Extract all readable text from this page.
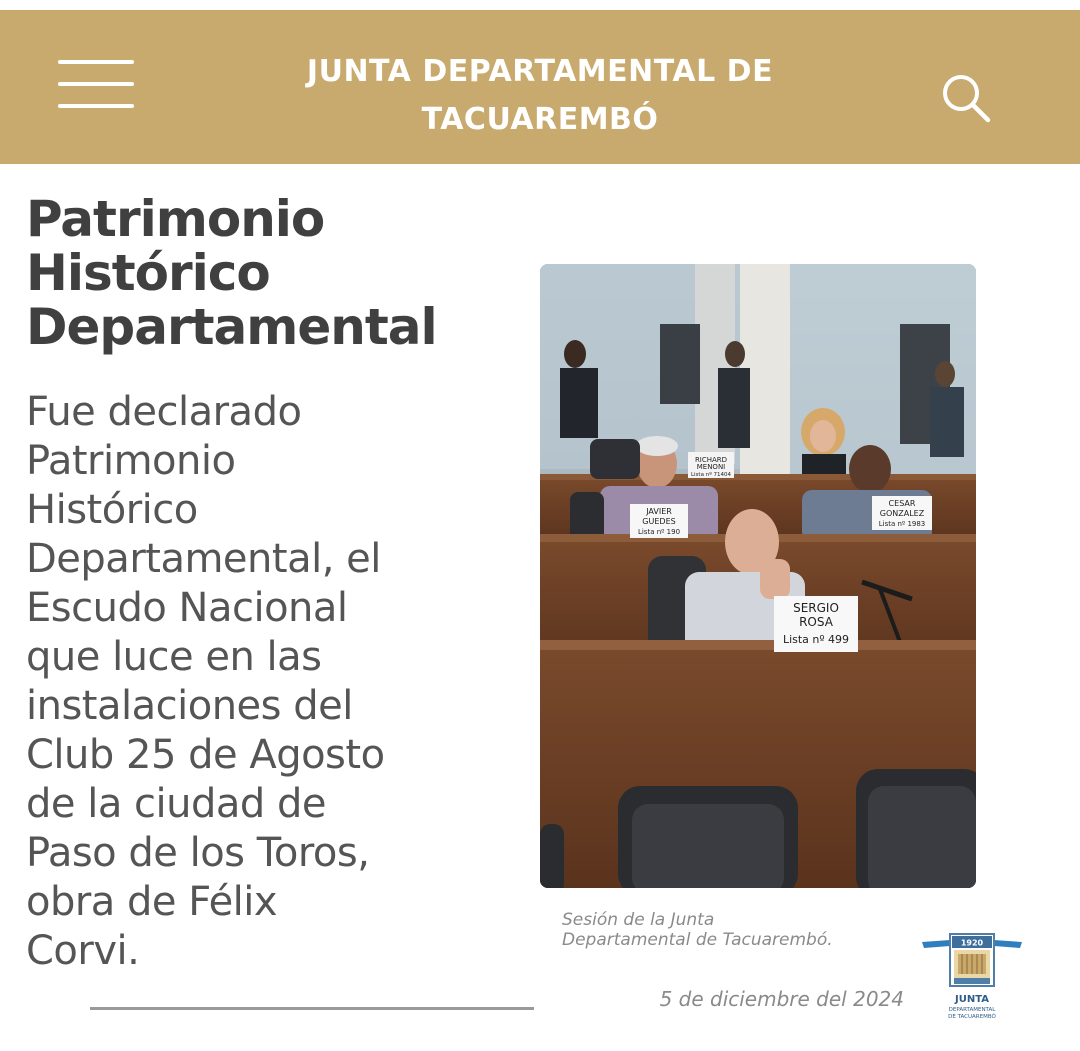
JUNTA DEPARTAMENTAL DE
TACUAREMBÓ
Patrimonio
Histórico
Departamental
Fue declarado
Patrimonio
Histórico
Departamental, el
Escudo Nacional
que luce en las
instalaciones del
Club 25 de Agosto
de la ciudad de
Paso de los Toros,
obra de Félix
Corvi.
RICHARD
MENONI
Lista nº 71404
JAVIER
GUEDES
Lista nº 190
CESAR
GONZALEZ
Lista nº 1983
SERGIO
ROSA
Lista nº 499
Sesión de la Junta
Departamental de Tacuarembó.
5 de diciembre del 2024
1920
JUNTA
DEPARTAMENTAL
DE TACUAREMBÓ
